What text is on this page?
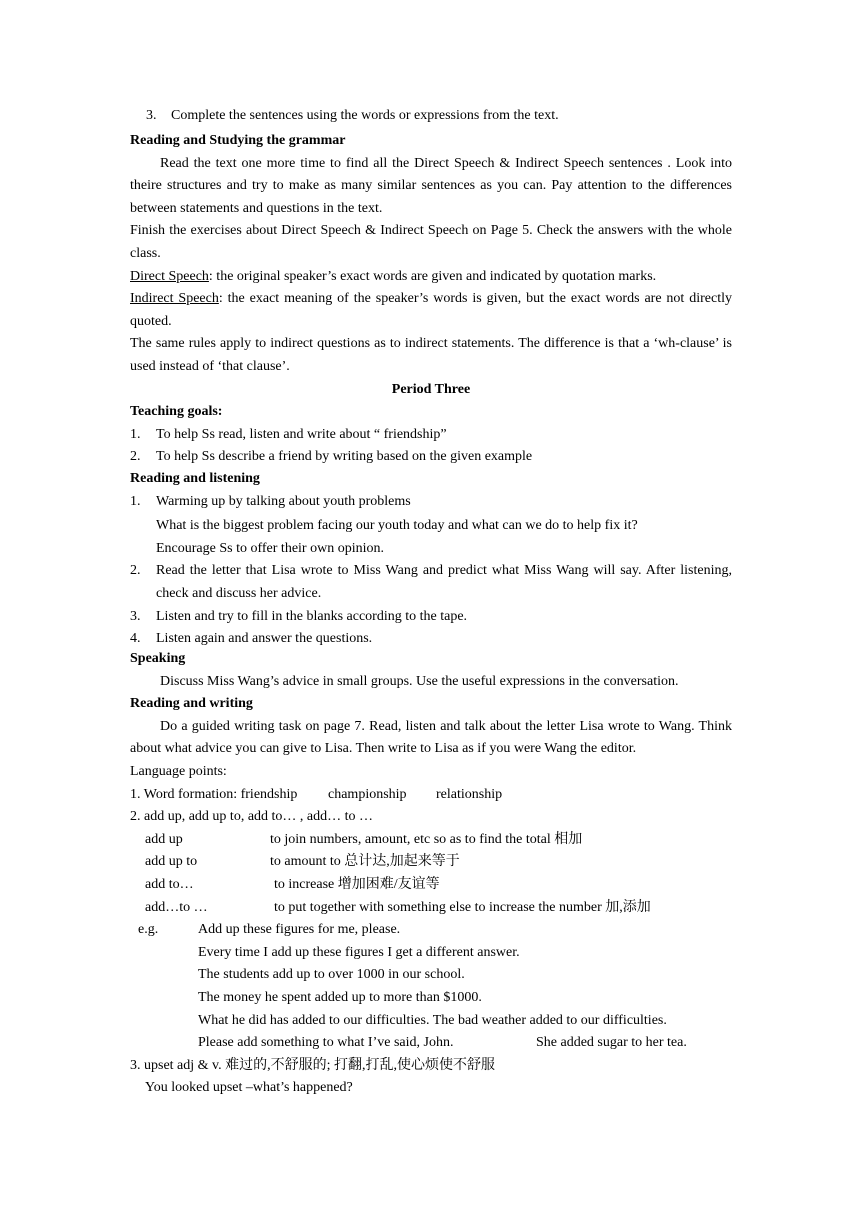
3. Complete the sentences using the words or expressions from the text.

Reading and Studying the grammar

Read the text one more time to find all the Direct Speech & Indirect Speech sentences . Look into theire structures and try to make as many similar sentences as you can. Pay attention to the differences between statements and questions in the text.

Finish the exercises about Direct Speech & Indirect Speech on Page 5. Check the answers with the whole class.

Direct Speech: the original speaker’s exact words are given and indicated by quotation marks.

Indirect Speech: the exact meaning of the speaker’s words is given, but the exact words are not directly quoted.

The same rules apply to indirect questions as to indirect statements. The difference is that a ‘wh-clause’ is used instead of ‘that clause’.

Period Three

Teaching goals:

1. To help Ss read, listen and write about “ friendship”
2. To help Ss describe a friend by writing based on the given example

Reading and listening

1. Warming up by talking about youth problems
What is the biggest problem facing our youth today and what can we do to help fix it?
Encourage Ss to offer their own opinion.
2. Read the letter that Lisa wrote to Miss Wang and predict what Miss Wang will say. After listening, check and discuss her advice.
3. Listen and try to fill in the blanks according to the tape.
4. Listen again and answer the questions.

Speaking

Discuss Miss Wang’s advice in small groups. Use the useful expressions in the conversation.

Reading and writing

Do a guided writing task on page 7. Read, listen and talk about the letter Lisa wrote to Wang. Think about what advice you can give to Lisa. Then write to Lisa as if you were Wang the editor.

Language points:

1. Word formation: friendship championship relationship
2. add up, add up to, add to… , add… to …
add up	to join numbers, amount, etc so as to find the total 相加
add up to	to amount to 总计达,加起来等于
add to…	to increase 增加困难/友谊等
add…to …	to put together with something else to increase the number 加,添加
e.g.	Add up these figures for me, please.
Every time I add up these figures I get a different answer.
The students add up to over 1000 in our school.
The money he spent added up to more than $1000.
What he did has added to our difficulties. The bad weather added to our difficulties.
Please add something to what I’ve said, John.	She added sugar to her tea.
3. upset adj & v. 难过的,不舒服的; 打翻,打乱,使心烦使不舒服
You looked upset –what’s happened?
